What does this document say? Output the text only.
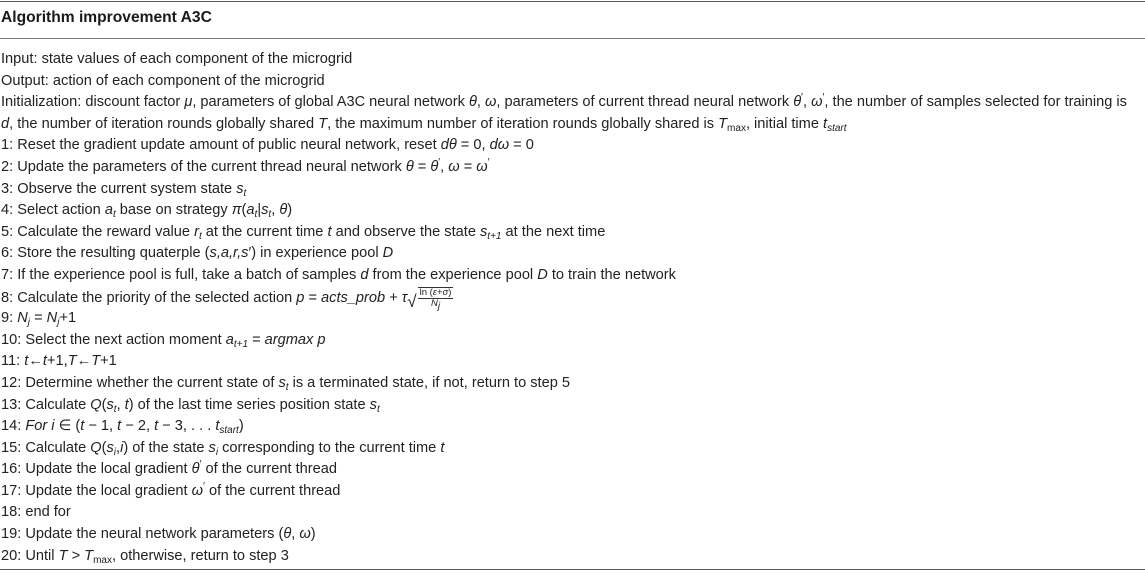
Algorithm improvement A3C
Input: state values of each component of the microgrid
Output: action of each component of the microgrid
Initialization: discount factor μ, parameters of global A3C neural network θ, ω, parameters of current thread neural network θ′, ω′, the number of samples selected for training is d, the number of iteration rounds globally shared T, the maximum number of iteration rounds globally shared is $T_{max}$, initial time $t_{start}$
1: Reset the gradient update amount of public neural network, reset dθ = 0, dω = 0
2: Update the parameters of the current thread neural network θ = θ′, ω = ω′
3: Observe the current system state $s_t$
4: Select action $a_t$ base on strategy $\pi(a_t|s_t$, θ)
5: Calculate the reward value $r_t$ at the current time t and observe the state $s_{t+1}$ at the next time
6: Store the resulting quaterple (s,a,r,s′) in experience pool D
7: If the experience pool is full, take a batch of samples d from the experience pool D to train the network
8: Calculate the priority of the selected action p = acts_prob + $\tau√ \frac{\ln (\varepsilon+\sigma)}{N_j}$
9: $N_j = N_j+1$
10: Select the next action moment $a_{t+1} = argmax$ p
11: t←t+1,T←T+1
12: Determine whether the current state of $s_t$ is a terminated state, if not, return to step 5
13: Calculate $Q(s_t$, t) of the last time series position state $s_t$
14: For i ∈ (t − 1, t − 2, t − 3, . . . $t_{start}$)
15: Calculate $Q(s_i,i)$ of the state $s_i$ corresponding to the current time t
16: Update the local gradient θ′ of the current thread
17: Update the local gradient ω′ of the current thread
18: end for
19: Update the neural network parameters (θ, ω)
20: Until $T > T_{max}$, otherwise, return to step 3
